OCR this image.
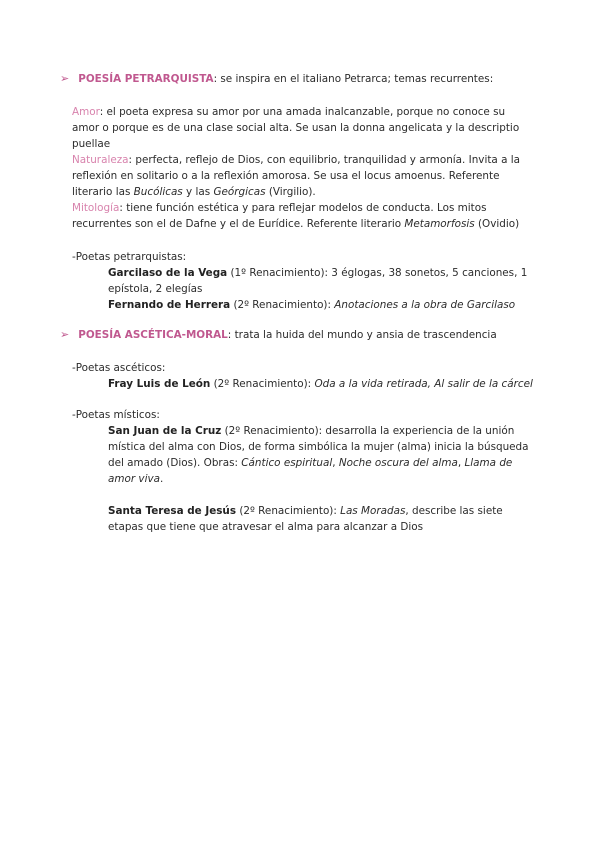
➢ POESÍA PETRARQUISTA: se inspira en el italiano Petrarca; temas recurrentes:
Amor: el poeta expresa su amor por una amada inalcanzable, porque no conoce su amor o porque es de una clase social alta. Se usan la donna angelicata y la descriptio puellae
Naturaleza: perfecta, reflejo de Dios, con equilibrio, tranquilidad y armonía. Invita a la reflexión en solitario o a la reflexión amorosa. Se usa el locus amoenus. Referente literario las Bucólicas y las Geórgicas (Virgilio).
Mitología: tiene función estética y para reflejar modelos de conducta. Los mitos recurrentes son el de Dafne y el de Eurídice. Referente literario Metamorfosis (Ovidio)
-Poetas petrarquistas:
Garcilaso de la Vega (1º Renacimiento): 3 églogas, 38 sonetos, 5 canciones, 1 epístola, 2 elegías
Fernando de Herrera (2º Renacimiento): Anotaciones a la obra de Garcilaso
➢ POESÍA ASCÉTICA-MORAL: trata la huida del mundo y ansia de trascendencia
-Poetas ascéticos:
Fray Luis de León (2º Renacimiento): Oda a la vida retirada, Al salir de la cárcel
-Poetas místicos:
San Juan de la Cruz (2º Renacimiento): desarrolla la experiencia de la unión mística del alma con Dios, de forma simbólica la mujer (alma) inicia la búsqueda del amado (Dios). Obras: Cántico espiritual, Noche oscura del alma, Llama de amor viva.
Santa Teresa de Jesús (2º Renacimiento): Las Moradas, describe las siete etapas que tiene que atravesar el alma para alcanzar a Dios
